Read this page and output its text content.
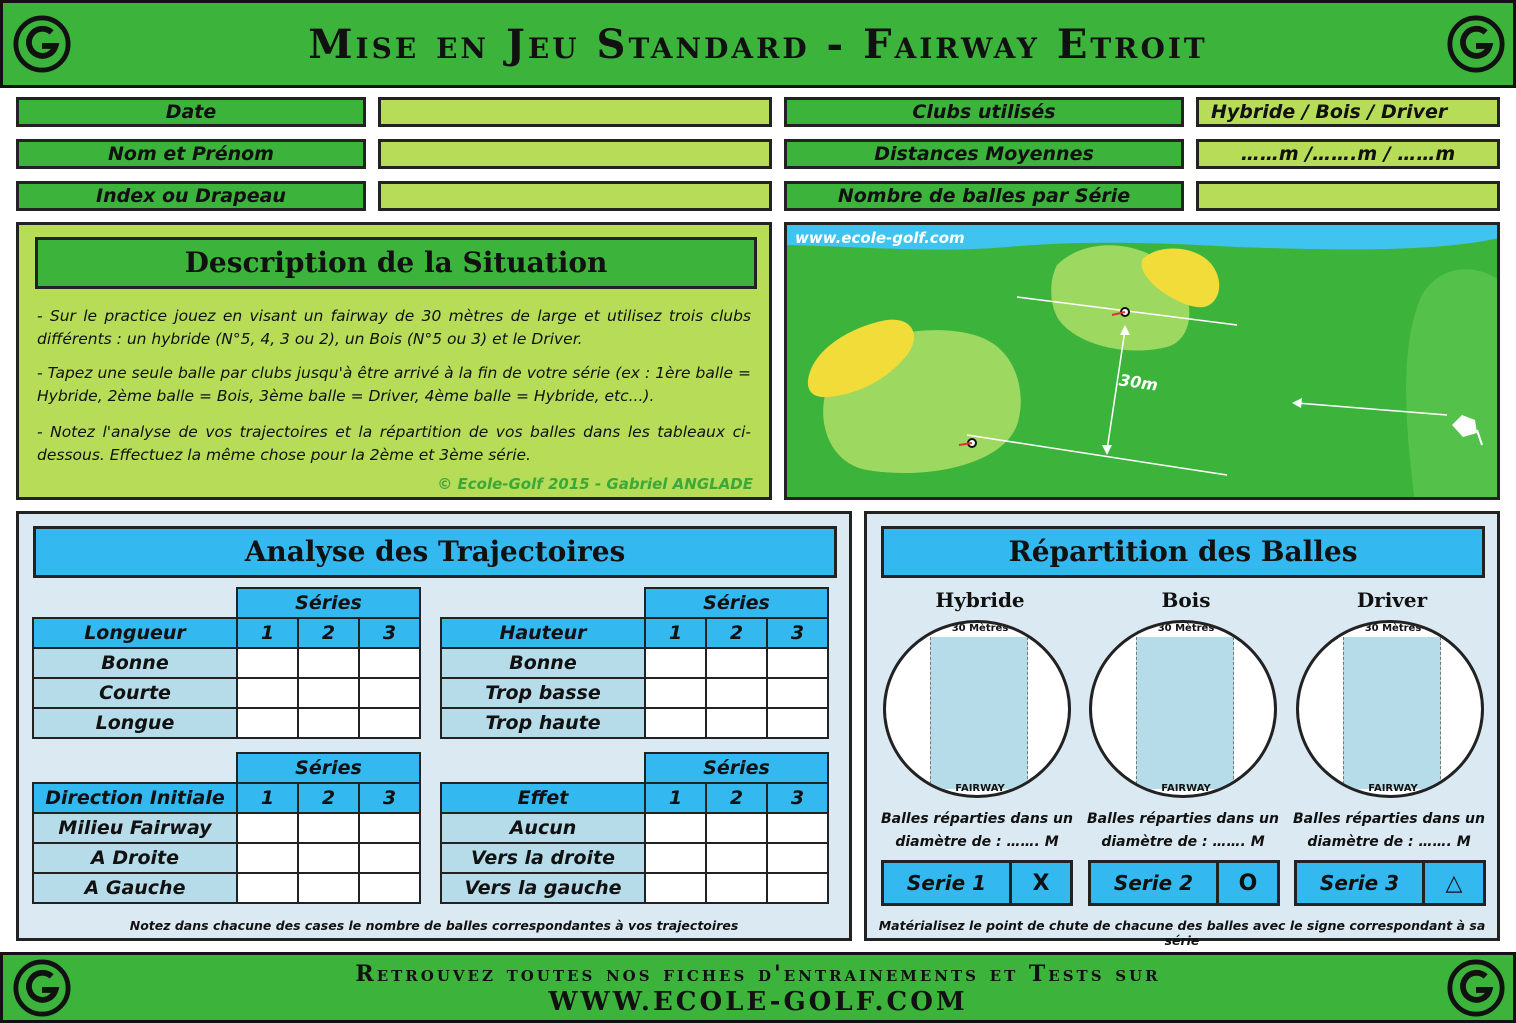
Mise en Jeu Standard - Fairway Etroit
Date
Nom et Prénom
Index ou Drapeau
Clubs utilisés	Hybride / Bois / Driver
Distances Moyennes	……m /…….m / ……m
Nombre de balles par Série
Description de la Situation
- Sur le practice jouez en visant un fairway de 30 mètres de large et utilisez trois clubs différents : un hybride (N°5, 4, 3 ou 2), un Bois (N°5 ou 3) et le Driver.
- Tapez une seule balle par clubs jusqu'à être arrivé à la fin de votre série (ex : 1ère balle = Hybride, 2ème balle = Bois, 3ème balle = Driver, 4ème balle = Hybride, etc...).
- Notez l'analyse de vos trajectoires et la répartition de vos balles dans les tableaux ci-dessous. Effectuez la même chose pour la 2ème et 3ème série.
© Ecole-Golf 2015 - Gabriel ANGLADE
www.ecole-golf.com
30m
Analyse des Trajectoires
Notez dans chacune des cases le nombre de balles correspondantes à vos trajectoires
Séries
Longueur	1	2	3
Bonne
Courte
Longue
Séries
Hauteur	1	2	3
Bonne
Trop basse
Trop haute
Séries
Direction Initiale	1	2	3
Milieu Fairway
A Droite
A Gauche
Séries
Effet	1	2	3
Aucun
Vers la droite
Vers la gauche
Répartition des Balles
Hybride	Bois	Driver
30 Mètres
FAIRWAY
30 Mètres
FAIRWAY
30 Mètres
FAIRWAY
Balles réparties dans un
diamètre de : ……. M
Balles réparties dans un
diamètre de : ……. M
Balles réparties dans un
diamètre de : ……. M
Serie 1	X	Serie 2	O	Serie 3	△
Matérialisez le point de chute de chacune des balles avec le signe correspondant à sa série
Retrouvez toutes nos fiches d'entrainements et Tests sur
WWW.ECOLE-GOLF.COM
